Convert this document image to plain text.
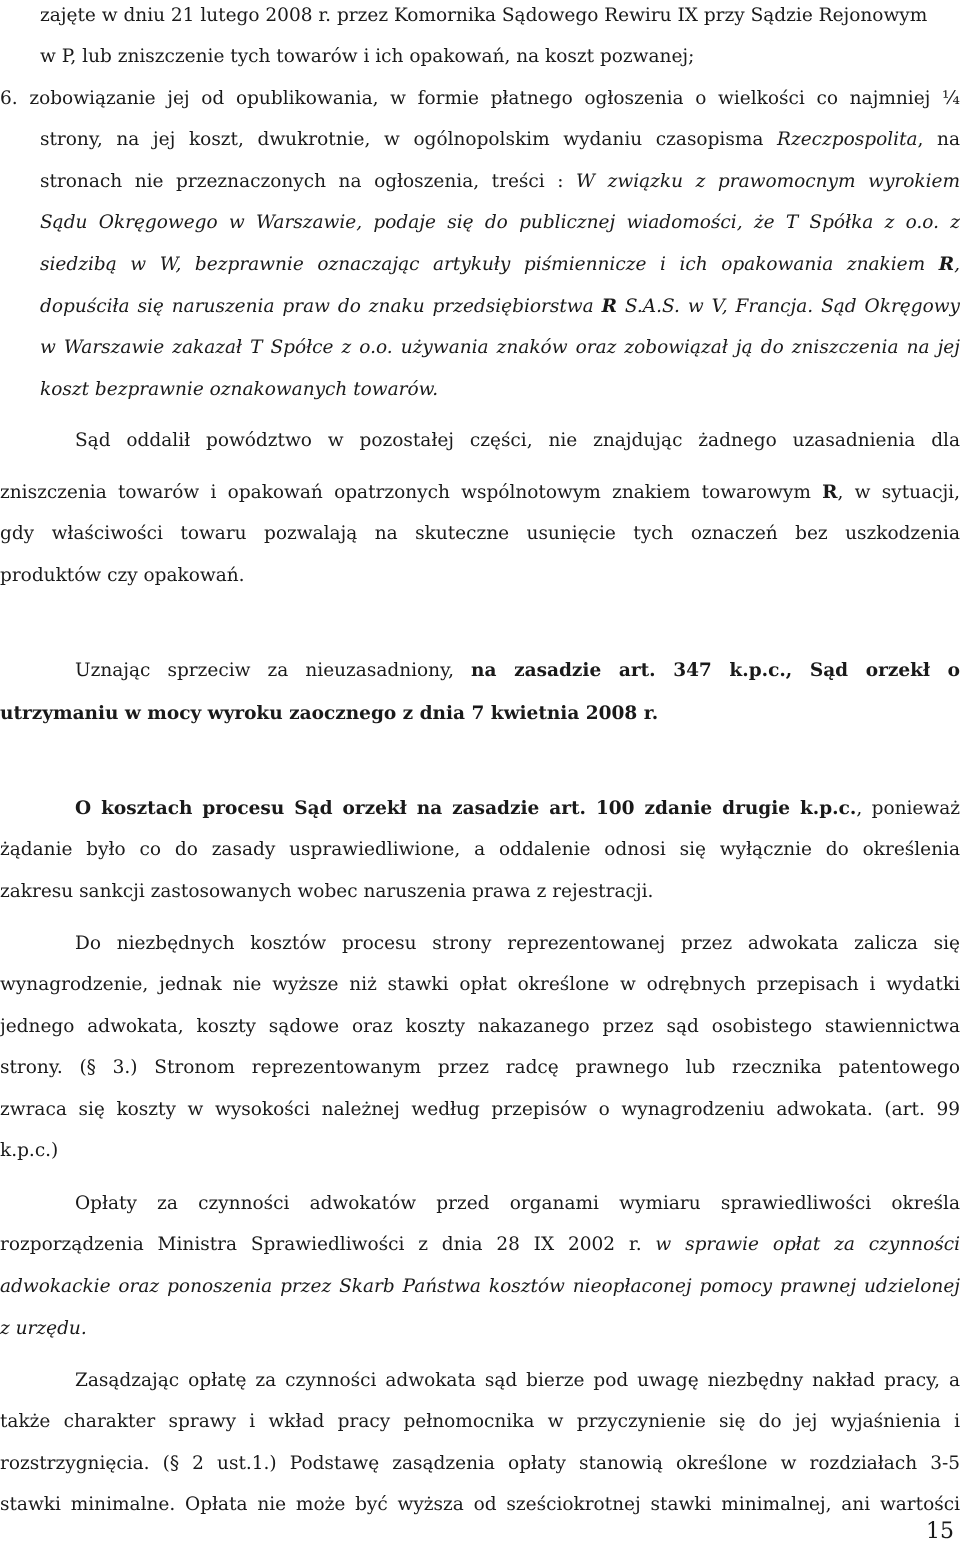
zajęte w dniu 21 lutego 2008 r. przez Komornika Sądowego Rewiru IX przy Sądzie Rejonowym
w P, lub zniszczenie tych towarów i ich opakowań, na koszt pozwanej;
6. zobowiązanie jej od opublikowania, w formie płatnego ogłoszenia o wielkości co najmniej ¼
strony, na jej koszt, dwukrotnie, w ogólnopolskim wydaniu czasopisma Rzeczpospolita, na
stronach nie przeznaczonych na ogłoszenia, treści : W związku z prawomocnym wyrokiem
Sądu Okręgowego w Warszawie, podaje się do publicznej wiadomości, że T Spółka z o.o. z
siedzibą w W, bezprawnie oznaczając artykuły piśmiennicze i ich opakowania znakiem R,
dopuściła się naruszenia praw do znaku przedsiębiorstwa R S.A.S. w V, Francja. Sąd Okręgowy
w Warszawie zakazał T Spółce z o.o. używania znaków oraz zobowiązał ją do zniszczenia na jej
koszt bezprawnie oznakowanych towarów.
Sąd oddalił powództwo w pozostałej części, nie znajdując żadnego uzasadnienia dla
zniszczenia towarów i opakowań opatrzonych wspólnotowym znakiem towarowym R, w sytuacji,
gdy właściwości towaru pozwalają na skuteczne usunięcie tych oznaczeń bez uszkodzenia
produktów czy opakowań.
Uznając sprzeciw za nieuzasadniony, na zasadzie art. 347 k.p.c., Sąd orzekł o
utrzymaniu w mocy wyroku zaocznego z dnia 7 kwietnia 2008 r.
O kosztach procesu Sąd orzekł na zasadzie art. 100 zdanie drugie k.p.c., ponieważ
żądanie było co do zasady usprawiedliwione, a oddalenie odnosi się wyłącznie do określenia
zakresu sankcji zastosowanych wobec naruszenia prawa z rejestracji.
Do niezbędnych kosztów procesu strony reprezentowanej przez adwokata zalicza się
wynagrodzenie, jednak nie wyższe niż stawki opłat określone w odrębnych przepisach i wydatki
jednego adwokata, koszty sądowe oraz koszty nakazanego przez sąd osobistego stawiennictwa
strony. (§ 3.) Stronom reprezentowanym przez radcę prawnego lub rzecznika patentowego
zwraca się koszty w wysokości należnej według przepisów o wynagrodzeniu adwokata. (art. 99
k.p.c.)
Opłaty za czynności adwokatów przed organami wymiaru sprawiedliwości określa
rozporządzenia Ministra Sprawiedliwości z dnia 28 IX 2002 r. w sprawie opłat za czynności
adwokackie oraz ponoszenia przez Skarb Państwa kosztów nieopłaconej pomocy prawnej udzielonej
z urzędu.
Zasądzając opłatę za czynności adwokata sąd bierze pod uwagę niezbędny nakład pracy, a
także charakter sprawy i wkład pracy pełnomocnika w przyczynienie się do jej wyjaśnienia i
rozstrzygnięcia. (§ 2 ust.1.) Podstawę zasądzenia opłaty stanowią określone w rozdziałach 3-5
stawki minimalne. Opłata nie może być wyższa od sześciokrotnej stawki minimalnej, ani wartości
15
